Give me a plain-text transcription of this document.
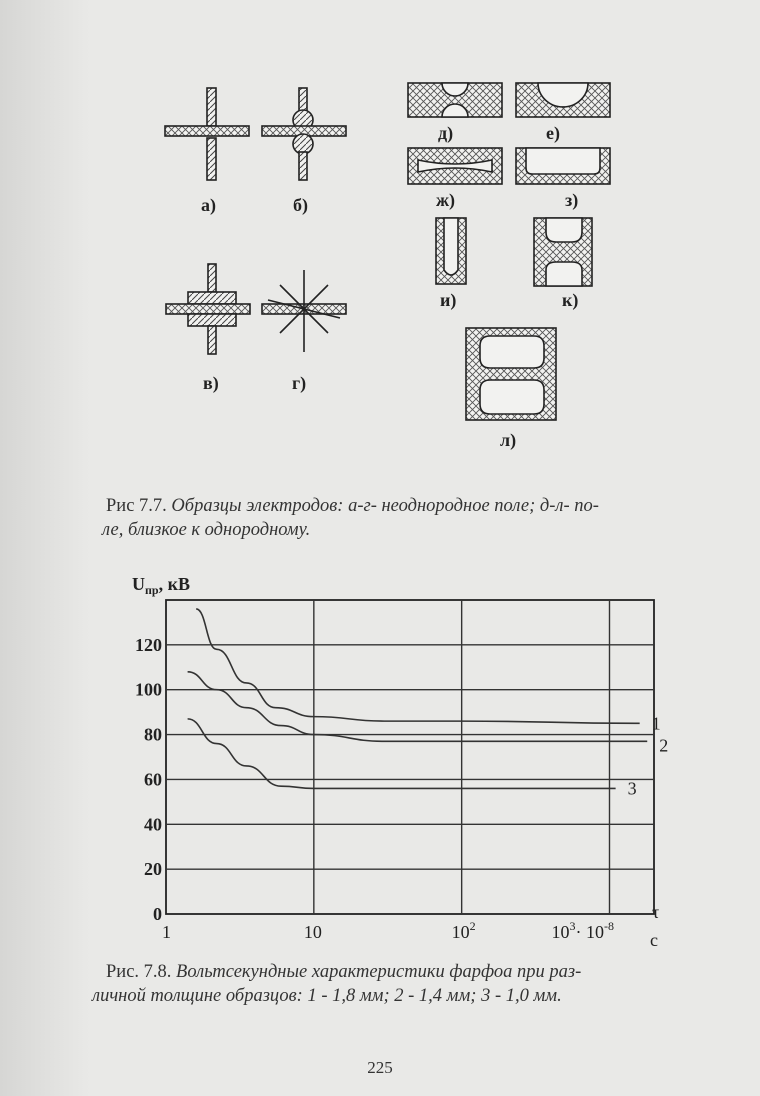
а)	б)
в)	г)
д)	е)
ж)	з)
и)	к)
л)
Рис 7.7. Образцы электродов: а-г- неоднородное поле; д-л- по-
ле, близкое к однородному.
0
20
40
60
80
100
120
1	10	$10^2$	$10^3\cdot 10^{-8}$
1
2
3
$U_{пр}$, кВ
τ
с
Рис. 7.8. Вольтсекундные характеристики фарфоа при раз-
личной толщине образцов: 1 - 1,8 мм; 2 - 1,4 мм; 3 - 1,0 мм.
225
